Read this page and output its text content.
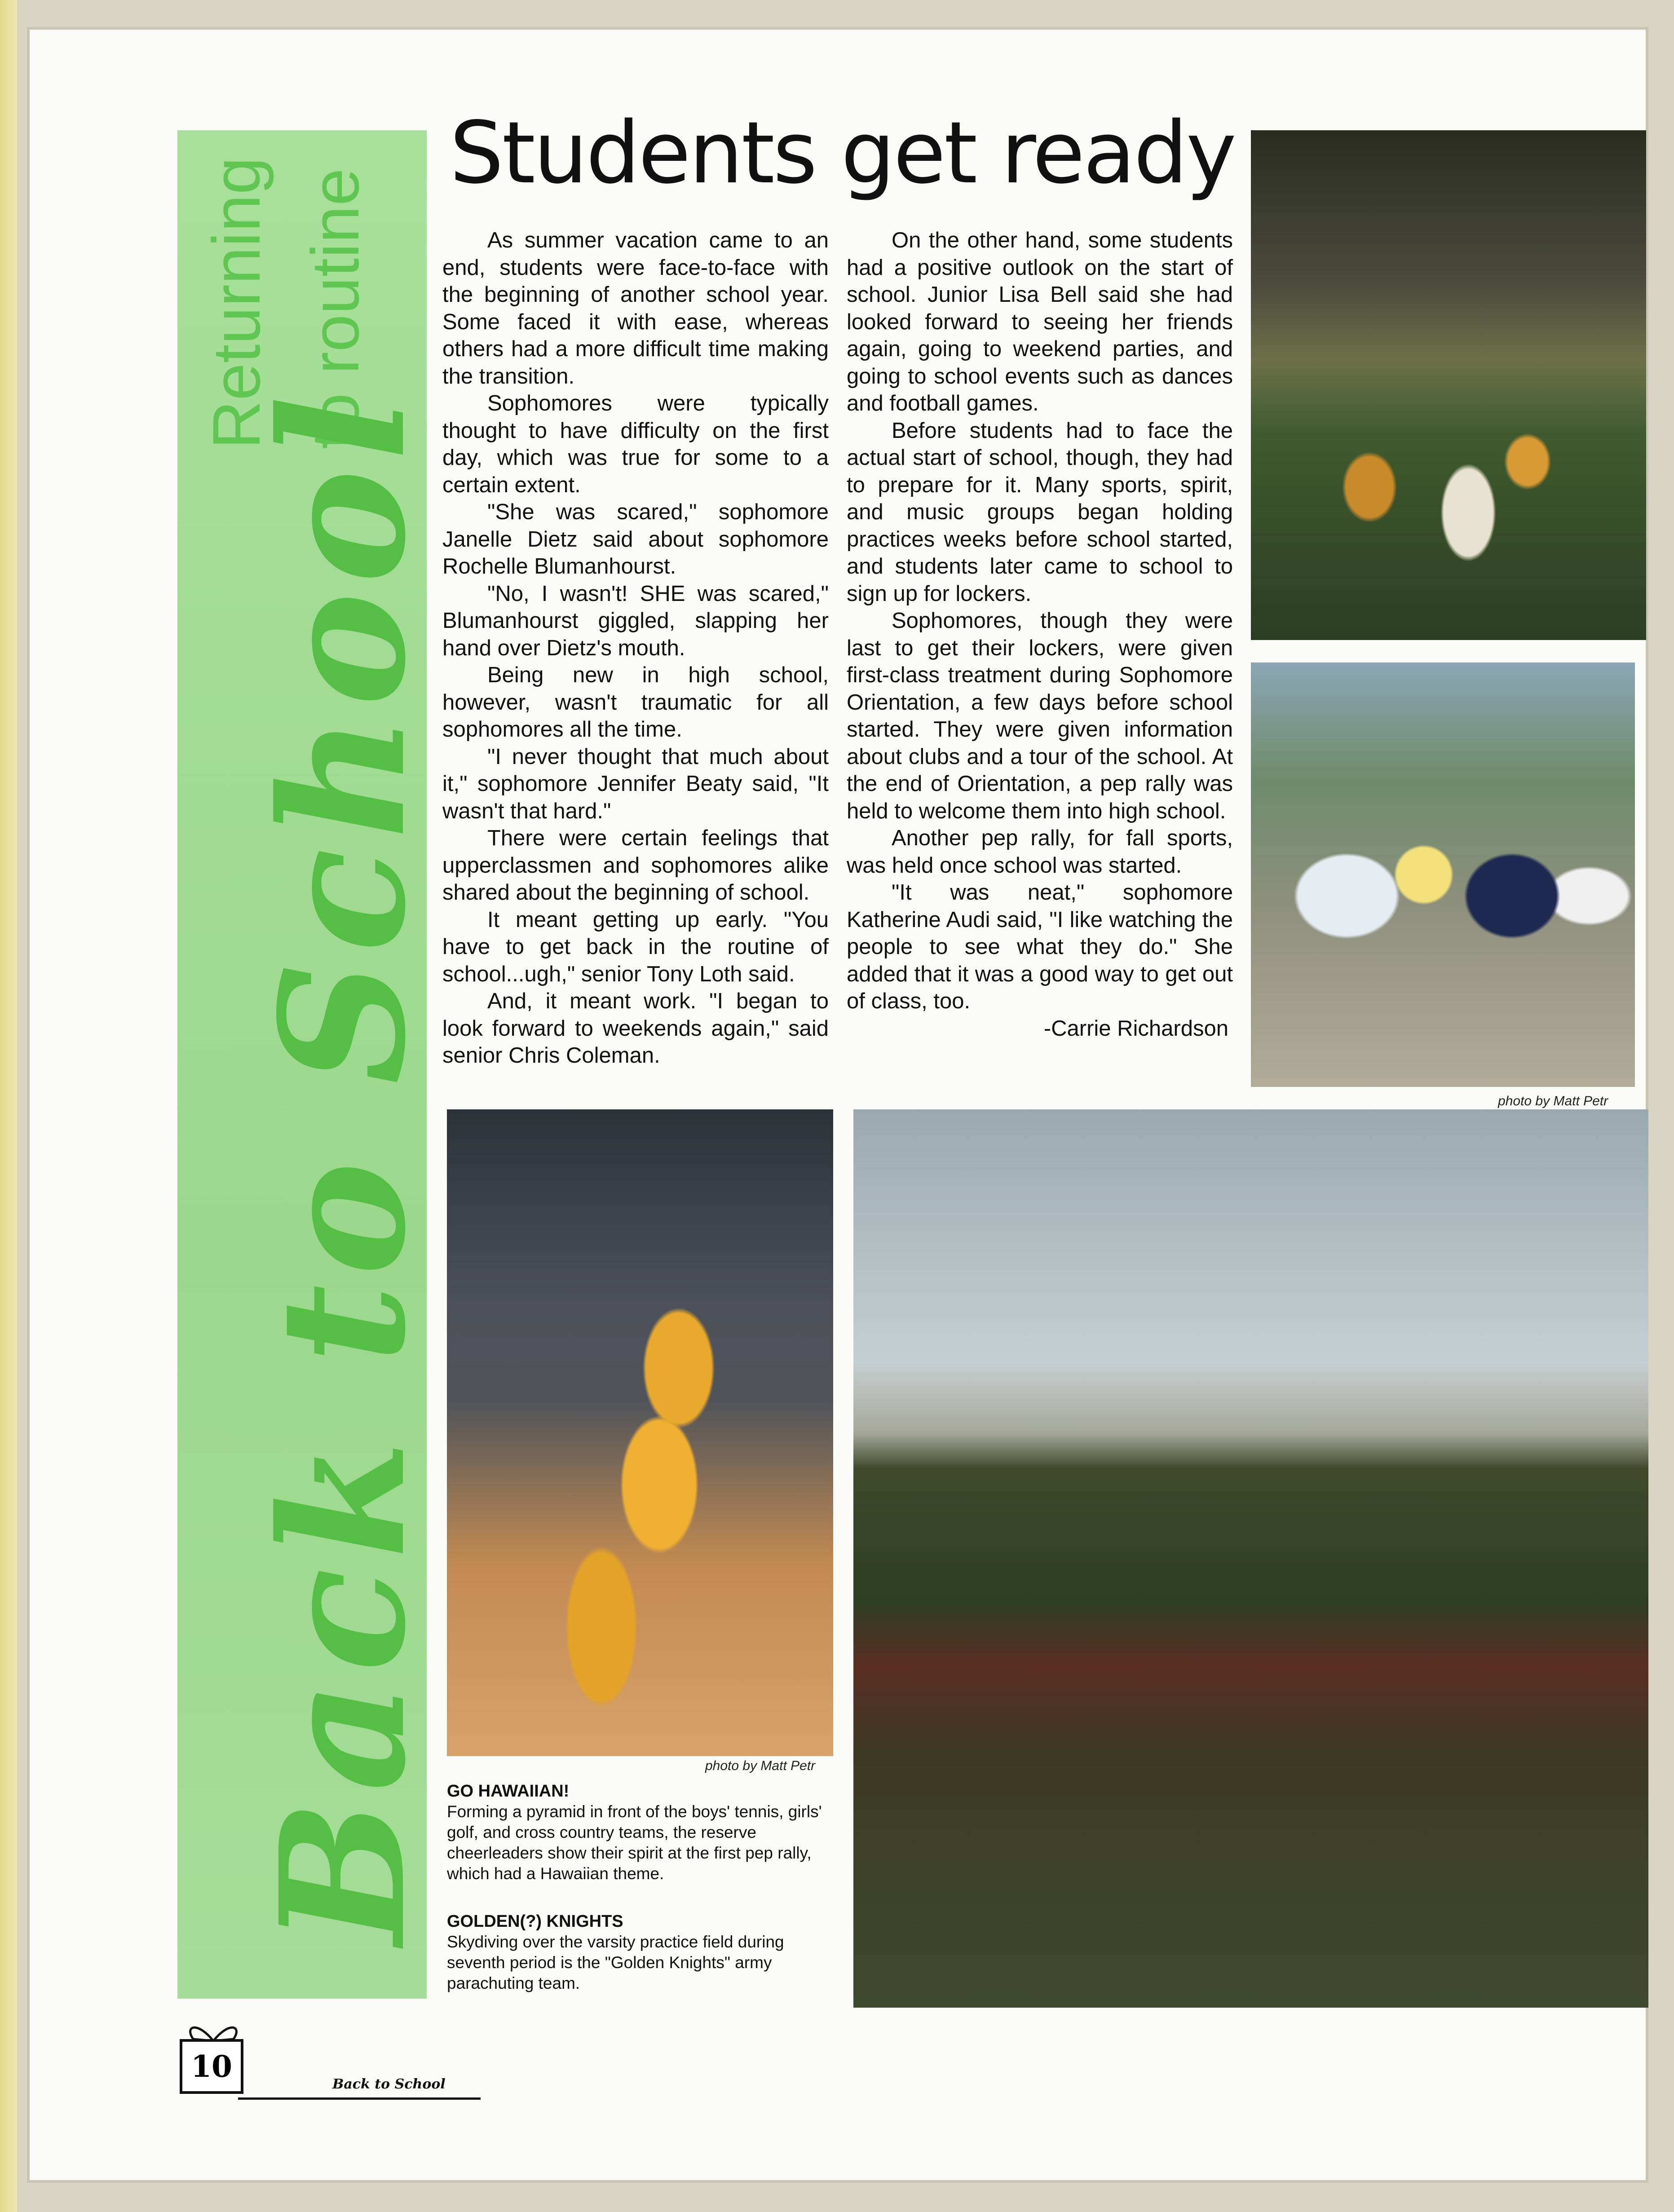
Returning to routine
Back to School
Students get ready

As summer vacation came to an end, students were face-to-face with the beginning of another school year. Some faced it with ease, whereas others had a more difficult time making the transition.

Sophomores were typically thought to have difficulty on the first day, which was true for some to a certain extent.

"She was scared," sophomore Janelle Dietz said about sophomore Rochelle Blumanhourst.

"No, I wasn't! SHE was scared," Blumanhourst giggled, slapping her hand over Dietz's mouth.

Being new in high school, however, wasn't traumatic for all sophomores all the time.

"I never thought that much about it," sophomore Jennifer Beaty said, "It wasn't that hard."

There were certain feelings that upperclassmen and sophomores alike shared about the beginning of school.

It meant getting up early. "You have to get back in the routine of school...ugh," senior Tony Loth said.

And, it meant work. "I began to look forward to weekends again," said senior Chris Coleman.

On the other hand, some students had a positive outlook on the start of school. Junior Lisa Bell said she had looked forward to seeing her friends again, going to weekend parties, and going to school events such as dances and football games.

Before students had to face the actual start of school, though, they had to prepare for it. Many sports, spirit, and music groups began holding practices weeks before school started, and students later came to school to sign up for lockers.

Sophomores, though they were last to get their lockers, were given first-class treatment during Sophomore Orientation, a few days before school started. They were given information about clubs and a tour of the school. At the end of Orientation, a pep rally was held to welcome them into high school.

Another pep rally, for fall sports, was held once school was started.

"It was neat," sophomore Katherine Audi said, "I like watching the people to see what they do." She added that it was a good way to get out of class, too.

-Carrie Richardson

photo by Matt Petr
photo by Matt Petr
GO HAWAIIAN!
Forming a pyramid in front of the boys' tennis, girls' golf, and cross country teams, the reserve cheerleaders show their spirit at the first pep rally, which had a Hawaiian theme.
GOLDEN(?) KNIGHTS
Skydiving over the varsity practice field during seventh period is the "Golden Knights" army parachuting team.
10
Back to School
